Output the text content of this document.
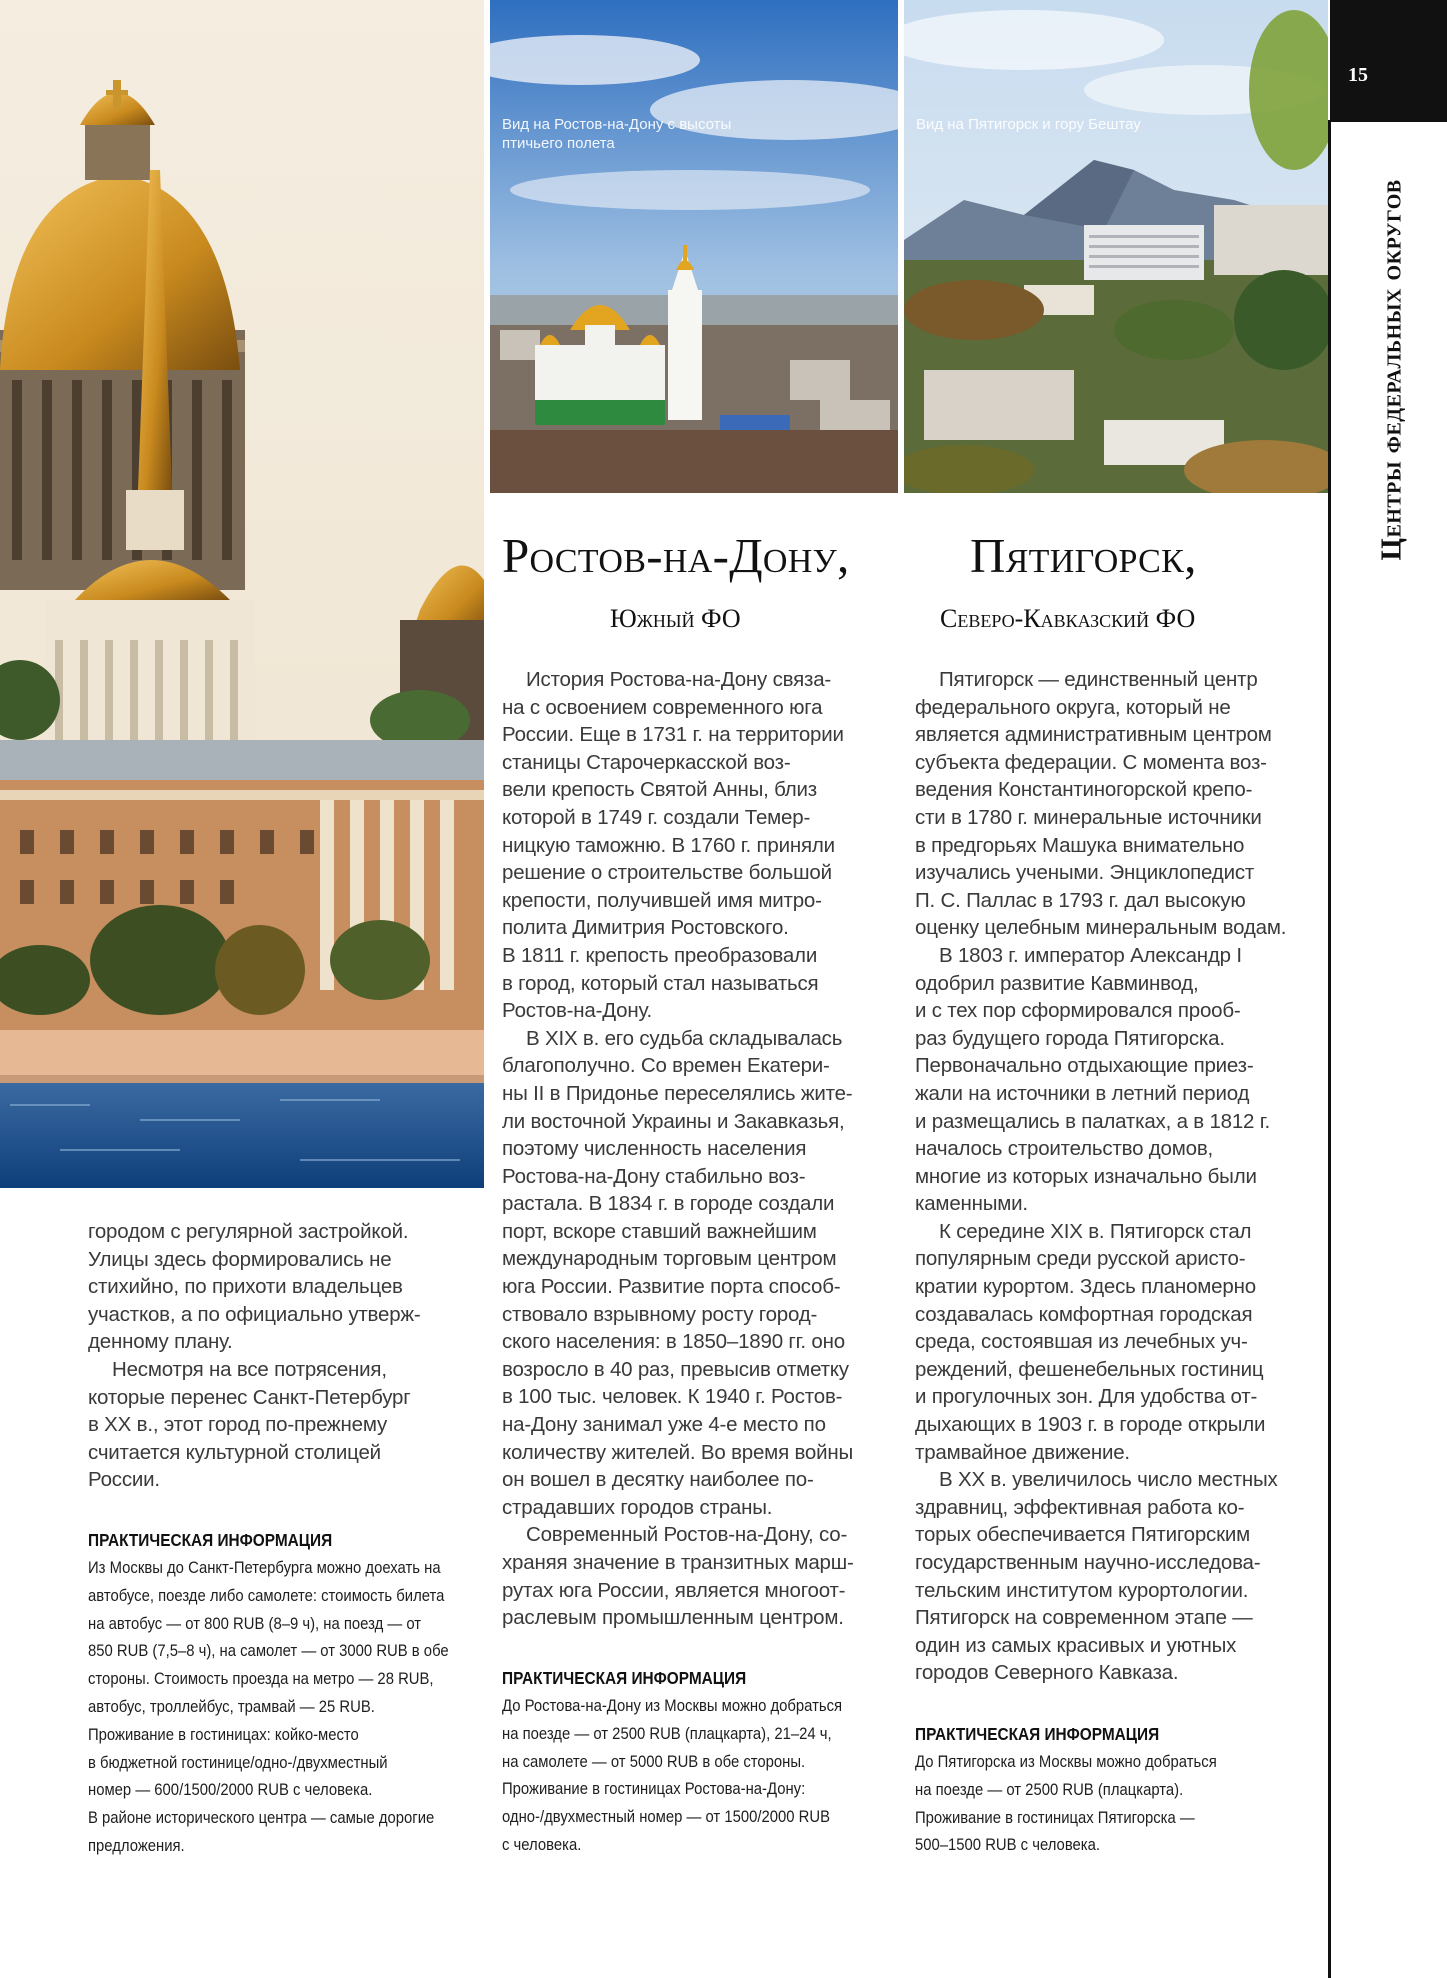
Вид на Ростов-на-Дону с высоты
птичьего полета
Вид на Пятигорск и гору Бештау
15
Центры федеральных округов

городом с регулярной застройкой.
Улицы здесь формировались не
стихийно, по прихоти владельцев
участков, а по официально утверж-
денному плану.

Несмотря на все потрясения,
которые перенес Санкт-Петербург
в XX в., этот город по-прежнему
считается культурной столицей
России.

ПРАКТИЧЕСКАЯ ИНФОРМАЦИЯ
Из Москвы до Санкт-Петербурга можно доехать на
автобусе, поезде либо самолете: стоимость билета
на автобус — от 800 RUB (8–9 ч), на поезд — от
850 RUB (7,5–8 ч), на самолет — от 3000 RUB в обе
стороны. Стоимость проезда на метро — 28 RUB,
автобус, троллейбус, трамвай — 25 RUB.
Проживание в гостиницах: койко-место
в бюджетной гостинице/одно-/двухместный
номер — 600/1500/2000 RUB с человека.
В районе исторического центра — самые дорогие
предложения.
Ростов-на-Дону,
Южный ФО

История Ростова-на-Дону связа-
на с освоением современного юга
России. Еще в 1731 г. на территории
станицы Старочеркасской воз-
вели крепость Святой Анны, близ
которой в 1749 г. создали Темер-
ницкую таможню. В 1760 г. приняли
решение о строительстве большой
крепости, получившей имя митро-
полита Димитрия Ростовского.

В 1811 г. крепость преобразовали
в город, который стал называться
Ростов-на-Дону.

В XIX в. его судьба складывалась
благополучно. Со времен Екатери-
ны II в Придонье переселялись жите-
ли восточной Украины и Закавказья,
поэтому численность населения
Ростова-на-Дону стабильно воз-
растала. В 1834 г. в городе создали
порт, вскоре ставший важнейшим
международным торговым центром
юга России. Развитие порта способ-
ствовало взрывному росту город-
ского населения: в 1850–1890 гг. оно
возросло в 40 раз, превысив отметку
в 100 тыс. человек. К 1940 г. Ростов-
на-Дону занимал уже 4-е место по
количеству жителей. Во время войны
он вошел в десятку наиболее по-
страдавших городов страны.

Современный Ростов-на-Дону, со-
храняя значение в транзитных марш-
рутах юга России, является многоот-
раслевым промышленным центром.

ПРАКТИЧЕСКАЯ ИНФОРМАЦИЯ
До Ростова-на-Дону из Москвы можно добраться
на поезде — от 2500 RUB (плацкарта), 21–24 ч,
на самолете — от 5000 RUB в обе стороны.
Проживание в гостиницах Ростова-на-Дону:
одно-/двухместный номер — от 1500/2000 RUB
с человека.
Пятигорск,
Северо-Кавказский ФО

Пятигорск — единственный центр
федерального округа, который не
является административным центром
субъекта федерации. С момента воз-
ведения Константиногорской крепо-
сти в 1780 г. минеральные источники
в предгорьях Машука внимательно
изучались учеными. Энциклопедист
П. С. Паллас в 1793 г. дал высокую
оценку целебным минеральным водам.

В 1803 г. император Александр I
одобрил развитие Кавминвод,
и с тех пор сформировался прооб-
раз будущего города Пятигорска.
Первоначально отдыхающие приез-
жали на источники в летний период
и размещались в палатках, а в 1812 г.
началось строительство домов,
многие из которых изначально были
каменными.

К середине XIX в. Пятигорск стал
популярным среди русской аристо-
кратии курортом. Здесь планомерно
создавалась комфортная городская
среда, состоявшая из лечебных уч-
реждений, фешенебельных гостиниц
и прогулочных зон. Для удобства от-
дыхающих в 1903 г. в городе открыли
трамвайное движение.

В XX в. увеличилось число местных
здравниц, эффективная работа ко-
торых обеспечивается Пятигорским
государственным научно-исследова-
тельским институтом курортологии.
Пятигорск на современном этапе —
один из самых красивых и уютных
городов Северного Кавказа.

ПРАКТИЧЕСКАЯ ИНФОРМАЦИЯ
До Пятигорска из Москвы можно добраться
на поезде — от 2500 RUB (плацкарта).
Проживание в гостиницах Пятигорска —
500–1500 RUB с человека.
